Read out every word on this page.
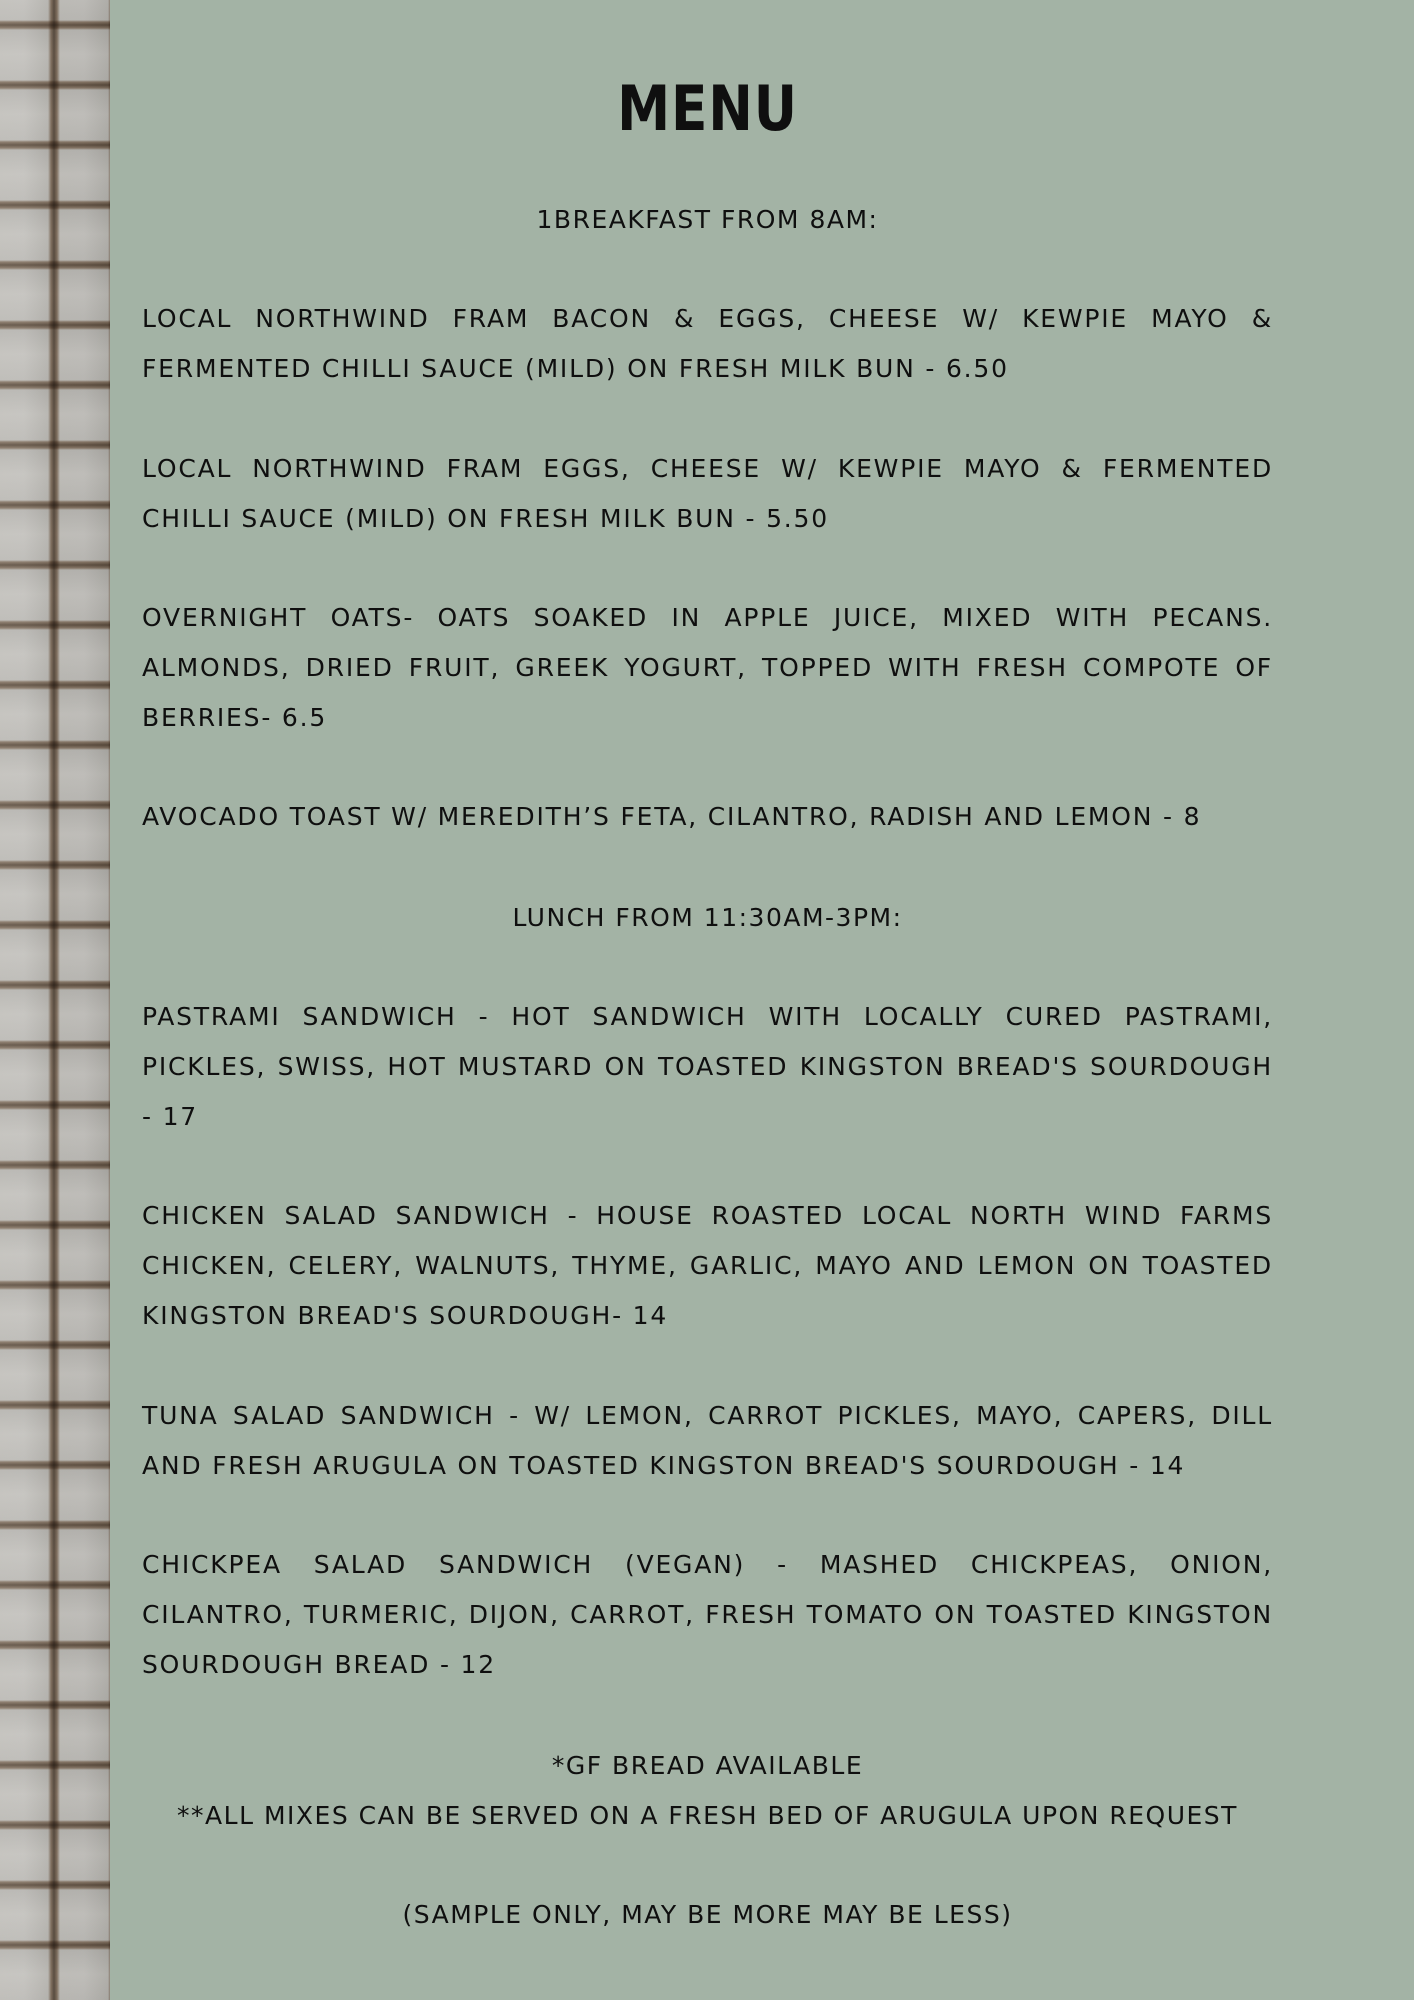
MENU
1BREAKFAST FROM 8AM:
LOCAL NORTHWIND FRAM BACON & EGGS, CHEESE W/ KEWPIE MAYO & FERMENTED CHILLI SAUCE (MILD) ON FRESH MILK BUN - 6.50
LOCAL NORTHWIND FRAM EGGS, CHEESE W/ KEWPIE MAYO & FERMENTED CHILLI SAUCE (MILD) ON FRESH MILK BUN - 5.50
OVERNIGHT OATS- OATS SOAKED IN APPLE JUICE, MIXED WITH PECANS. ALMONDS, DRIED FRUIT, GREEK YOGURT, TOPPED WITH FRESH COMPOTE OF BERRIES- 6.5
AVOCADO TOAST W/ MEREDITH’S FETA, CILANTRO, RADISH AND LEMON - 8
LUNCH FROM 11:30AM-3PM:
PASTRAMI SANDWICH - HOT SANDWICH WITH LOCALLY CURED PASTRAMI, PICKLES, SWISS, HOT MUSTARD ON TOASTED KINGSTON BREAD'S SOURDOUGH - 17
CHICKEN SALAD SANDWICH - HOUSE ROASTED LOCAL NORTH WIND FARMS CHICKEN, CELERY, WALNUTS, THYME, GARLIC, MAYO AND LEMON ON TOASTED KINGSTON BREAD'S SOURDOUGH- 14
TUNA SALAD SANDWICH - W/ LEMON, CARROT PICKLES, MAYO, CAPERS, DILL AND FRESH ARUGULA ON TOASTED KINGSTON BREAD'S SOURDOUGH - 14
CHICKPEA SALAD SANDWICH (VEGAN) - MASHED CHICKPEAS, ONION, CILANTRO, TURMERIC, DIJON, CARROT, FRESH TOMATO ON TOASTED KINGSTON SOURDOUGH BREAD - 12
*GF BREAD AVAILABLE
**ALL MIXES CAN BE SERVED ON A FRESH BED OF ARUGULA UPON REQUEST
(SAMPLE ONLY, MAY BE MORE MAY BE LESS)
